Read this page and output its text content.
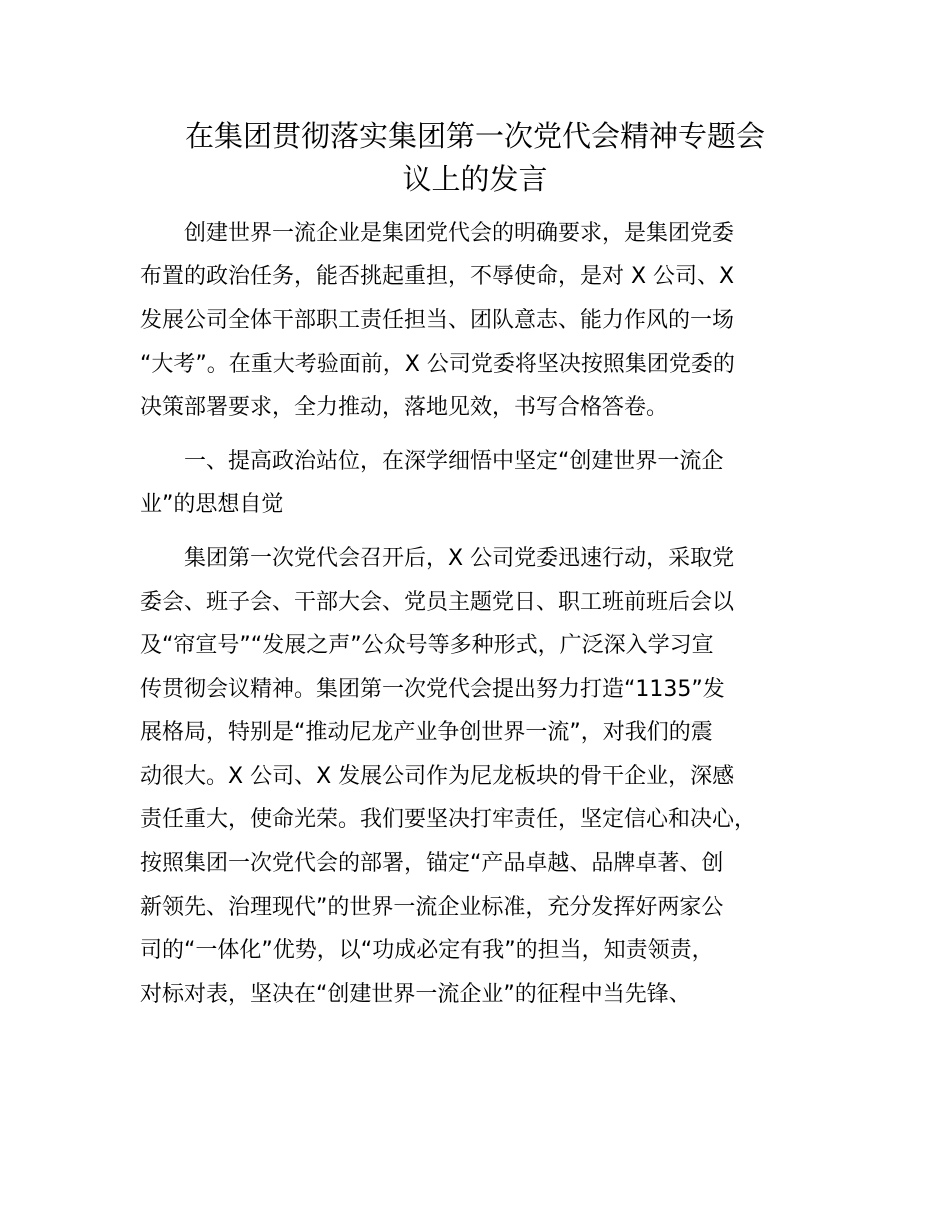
在集团贯彻落实集团第一次党代会精神专题会
议上的发言

　　创建世界一流企业是集团党代会的明确要求，是集团党委

布置的政治任务，能否挑起重担，不辱使命，是对 X 公司、X

发展公司全体干部职工责任担当、团队意志、能力作风的一场

“大考”。在重大考验面前，X 公司党委将坚决按照集团党委的

决策部署要求，全力推动，落地见效，书写合格答卷。

　　一、提高政治站位，在深学细悟中坚定“创建世界一流企

业”的思想自觉

　　集团第一次党代会召开后，X 公司党委迅速行动，采取党

委会、班子会、干部大会、党员主题党日、职工班前班后会以

及“帘宣号”“发展之声”公众号等多种形式，广泛深入学习宣

传贯彻会议精神。集团第一次党代会提出努力打造“1135”发

展格局，特别是“推动尼龙产业争创世界一流”，对我们的震

动很大。X 公司、X 发展公司作为尼龙板块的骨干企业，深感

责任重大，使命光荣。我们要坚决打牢责任，坚定信心和决心，

按照集团一次党代会的部署，锚定“产品卓越、品牌卓著、创

新领先、治理现代”的世界一流企业标准，充分发挥好两家公

司的“一体化”优势，以“功成必定有我”的担当，知责领责，

对标对表，坚决在“创建世界一流企业”的征程中当先锋、
